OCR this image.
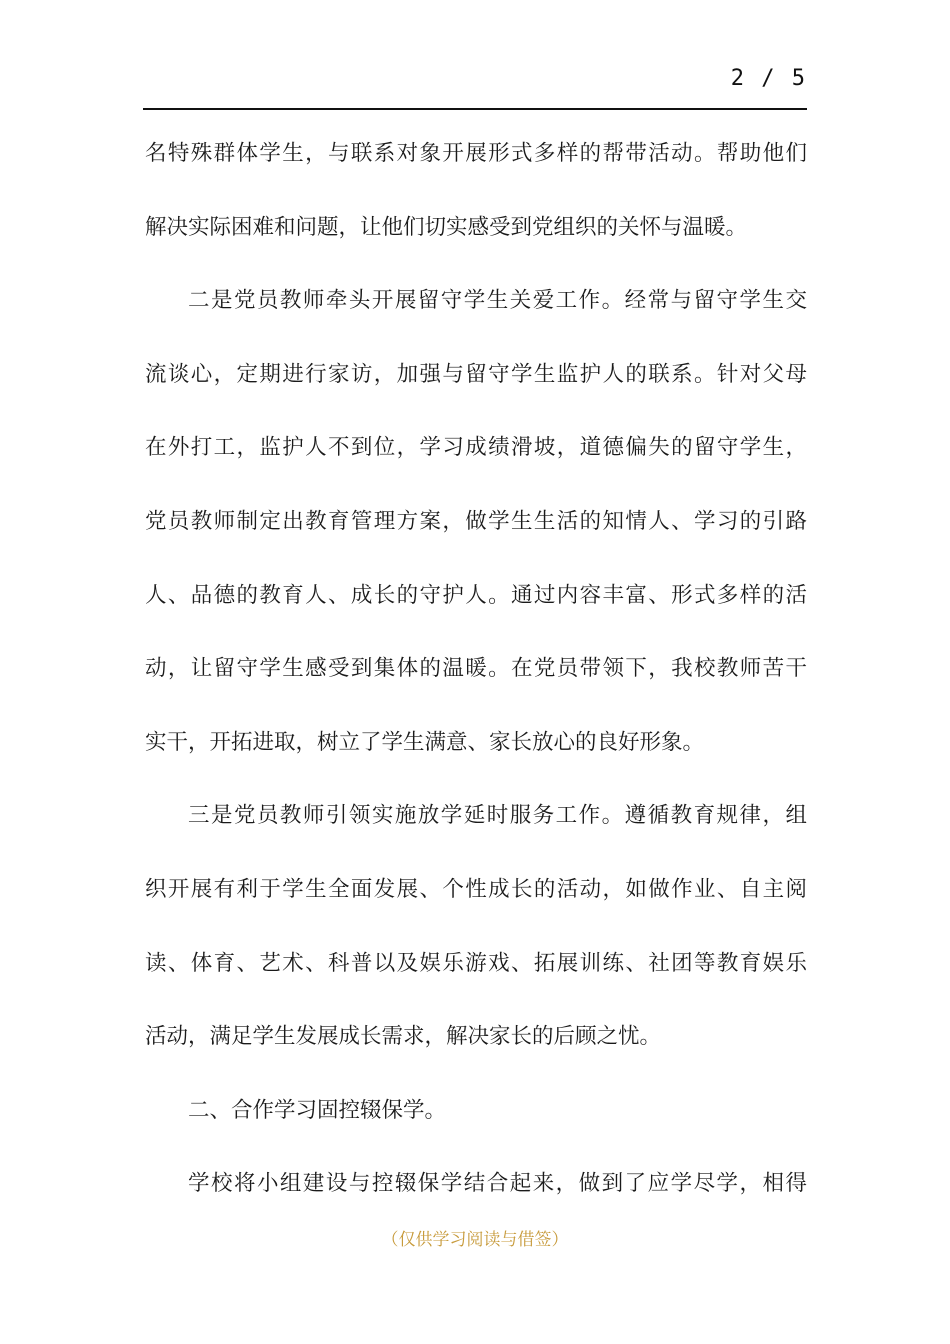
2 / 5
名特殊群体学生，与联系对象开展形式多样的帮带活动。帮助他们
解决实际困难和问题，让他们切实感受到党组织的关怀与温暖。
二是党员教师牵头开展留守学生关爱工作。经常与留守学生交
流谈心，定期进行家访，加强与留守学生监护人的联系。针对父母
在外打工，监护人不到位，学习成绩滑坡，道德偏失的留守学生，
党员教师制定出教育管理方案，做学生生活的知情人、学习的引路
人、品德的教育人、成长的守护人。通过内容丰富、形式多样的活
动，让留守学生感受到集体的温暖。在党员带领下，我校教师苦干
实干，开拓进取，树立了学生满意、家长放心的良好形象。
三是党员教师引领实施放学延时服务工作。遵循教育规律，组
织开展有利于学生全面发展、个性成长的活动，如做作业、自主阅
读、体育、艺术、科普以及娱乐游戏、拓展训练、社团等教育娱乐
活动，满足学生发展成长需求，解决家长的后顾之忧。
二、合作学习固控辍保学。
学校将小组建设与控辍保学结合起来，做到了应学尽学，相得
（仅供学习阅读与借签）
